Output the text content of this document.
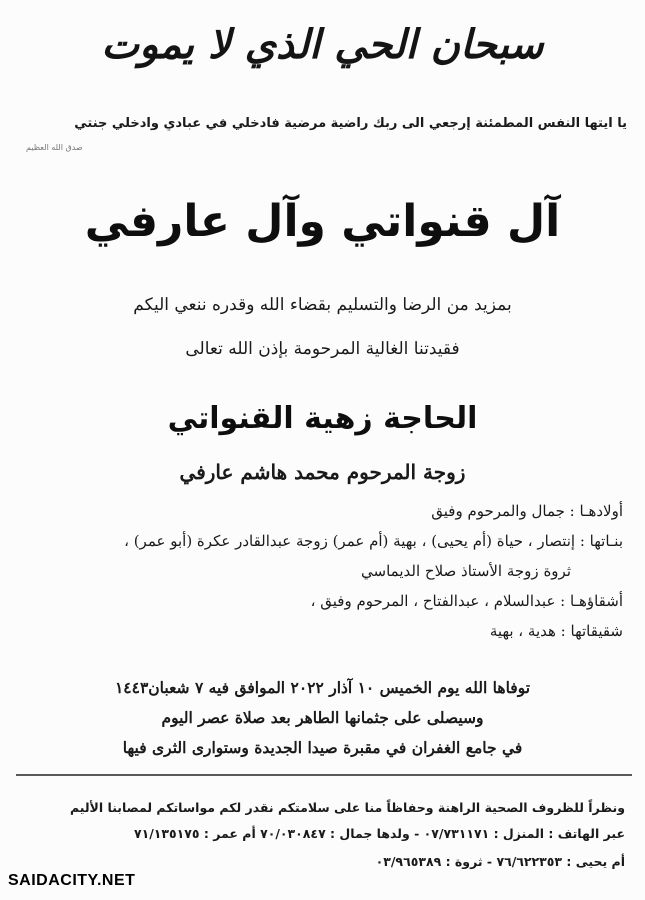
سبحان الحي الذي لا يموت
يا ايتها النفس المطمئنة إرجعي الى ربك راضية مرضية فادخلي في عبادي وادخلي جنتي
صدق الله العظيم
آل قنواتي وآل عارفي
بمزيد من الرضا والتسليم بقضاء الله وقدره ننعي اليكم
فقيدتنا الغالية المرحومة بإذن الله تعالى
الحاجة زهية القنواتي
زوجة المرحوم محمد هاشم عارفي
أولادهـا : جمال والمرحوم وفيق
بنـاتها : إنتصار ، حياة (أم يحيى) ، بهية (أم عمر) زوجة عبدالقادر عكرة (أبو عمر) ،
ثروة زوجة الأستاذ صلاح الديماسي
أشقاؤهـا : عبدالسلام ، عبدالفتاح ، المرحوم وفيق ،
شقيقاتها : هدية ، بهية
توفاها الله يوم الخميس ١٠ آذار ٢٠٢٢ الموافق فيه ٧ شعبان١٤٤٣
وسيصلى على جثمانها الطاهر بعد صلاة عصر اليوم
في جامع الغفران في مقبرة صيدا الجديدة وستوارى الثرى فيها
ونظراً للظروف الصحية الراهنة وحفاظاً منا على سلامتكم نقدر لكم مواساتكم لمصابنا الأليم
عبر الهاتف : المنزل : ٠٧/٧٣١١٧١ - ولدها جمال : ٧٠/٠٣٠٨٤٧ أم عمر : ٧١/١٣٥١٧٥
أم يحيى : ٧٦/٦٢٢٣٥٣ - ثروة : ٠٣/٩٦٥٣٨٩
SAIDACITY.NET
